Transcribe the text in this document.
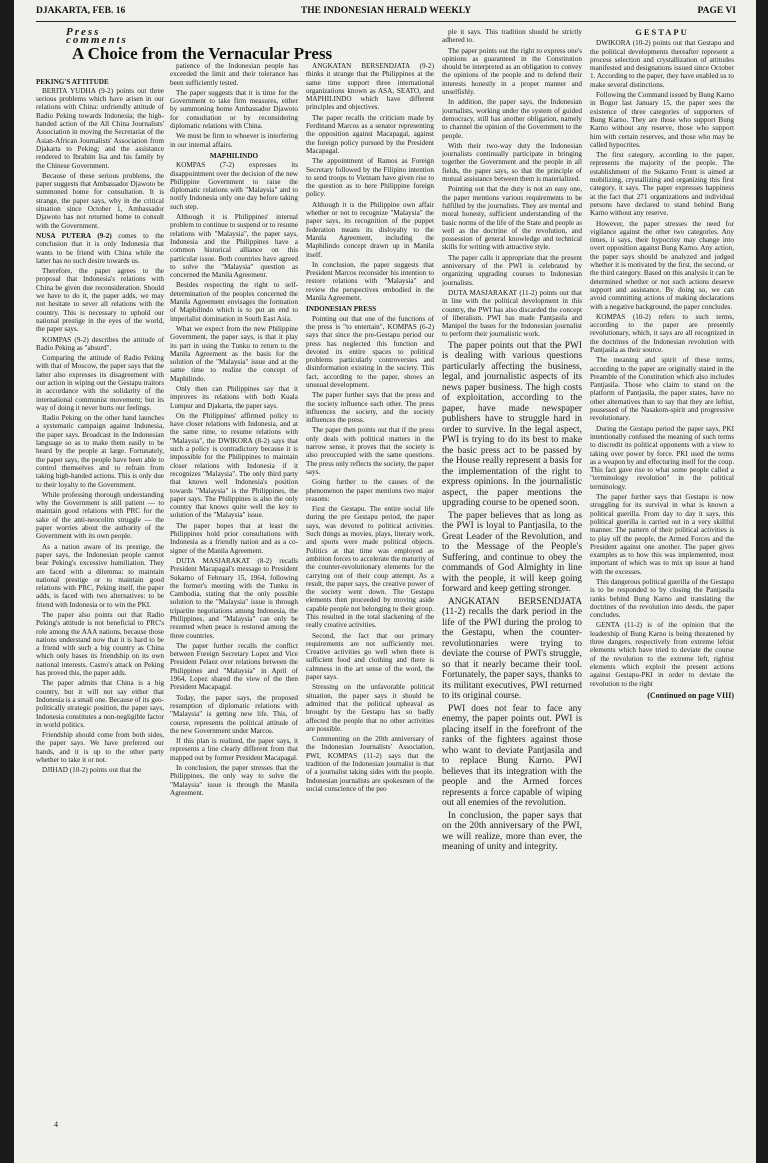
DJAKARTA, FEB. 16	THE INDONESIAN HERALD WEEKLY	PAGE VI
Press comments
PEKING'S ATTITUDE

BERITA YUDHA (9-2) points out three serious problems which have arisen in our relations with China: unfriendly attitude of Radio Peking towards Indonesia; the high-handed action of the All China Journalists' Association in moving the Secretariat of the Asian-African Journalists' Association from Djakarta to Peking; and the assistance rendered to Ibrahim Isa and his family by the Chinese Government.

Because of these serious problems, the paper suggests that Ambassador Djawoto be summoned home for consultation. It is strange, the paper says, why in the critical situation since October 1, Ambassador Djawoto has not returned home to consult with the Government.

NUSA PUTERA (9-2) comes to the conclusion that it is only Indonesia that wants to be friend with China while the latter has no such desire towards us.

Therefore, the paper agrees to the proposal that Indonesia's relations with China be given due reconsideration. Should we have to do it, the paper adds, we may not hesitate to sever all relations with the country. This is necessary to uphold our national prestige in the eyes of the world, the paper says.

KOMPAS (9-2) describes the attitude of Radio Peking as "absurd".

Comparing the attitude of Radio Peking with that of Moscow, the paper says that the latter also expresses its disagreement with our action in wiping out the Gestapu traitors in accordance with the solidarity of the international communist movement; but its way of doing it never hurts our feelings.

Radio Peking on the other hand launches a systematic campaign against Indonesia, the paper says. Broadcast in the Indonesian language so as to make them easily to be heard by the people at large. Fortunately, the paper says, the people have been able to control themselves and to refrain from taking high-handed actions. This is only due to their loyalty to the Government.

While professing thorough understanding why the Government is still patient — to maintain good relations with PRC for the sake of the anti-neocolim struggle — the paper worries about the authority of the Government with its own people.

As a nation aware of its prestige, the paper says, the Indonesian people cannot bear Peking's excessive humiliation. They are faced with a dilemma: to maintain national prestige or to maintain good relations with PRC, Peking itself, the paper adds, is faced with two alternatives: to be friend with Indonesia or to win the PKI.

The paper also points out that Radio Peking's attitude is not beneficial to PRC's role among the AAA nations, because those nations understand now that it is hard to be a friend with such a big country as China which only bases its friendship on its own national interests. Castro's attack on Peking has proved this, the paper adds.

The paper admits that China is a big country, but it will not say either that Indonesia is a small one. Because of its geo-politically strategic position, the paper says, Indonesia constitutes a non-negligible factor in world politics.

Friendship should come from both sides, the paper says. We have preferred our hands, and it is up to the other party whether to take it or not.

DJIHAD (10-2) points out that the

A Choice from the Vernacular Press

patience of the Indonesian people has exceeded the limit and their tolerance has been sufficiently tested.

The paper suggests that it is time for the Government to take firm measures, either by summoning home Ambassador Djawoto for consultation or by reconsidering diplomatic relations with China.

We must be firm to whoever is interfering in our internal affairs.

MAPHILINDO

KOMPAS (7-2) expresses its disappointment over the decision of the new Philippine Government to raise the diplomatic relations with "Malaysia" and to notify Indonesia only one day before taking such step.

Although it is Philippines' internal problem to continue to suspend or to resume relations with "Malaysia", the paper says, Indonesia and the Philippines have a common historical alliance on this particular issue. Both countries have agreed to solve the "Malaysia" question as concerned the Manila Agreement.

Besides respecting the right to self-determination of the peoples concerned the Manila Agreement envisages the formation of Maphilindo which is to put an end to imperialist domination in South East Asia.

What we expect from the new Philippine Government, the paper says, is that it play its part in using the Tunku to return to the Manila Agreement as the basis for the solution of the "Malaysia" issue and at the same time to realize the concept of Maphilindo.

Only then can Philippines say that it improves its relations with both Kuala Lumpur and Djakarta, the paper says.

On the Philippines' affirmed policy to have closer relations with Indonesia, and at the same time, to resume relations with "Malaysia", the DWIKORA (8-2) says that such a policy is contradictory because it is impossible for the Philippines to maintain closer relations with Indonesia if it recognizes "Malaysia". The only third party that knows well Indonesia's position towards "Malaysia" is the Philippines, the paper says. The Philippines is also the only country that knows quite well the key to solution of the "Malaysia" issue.

The paper hopes that at least the Philippines hold prior consultations with Indonesia as a friendly nation and as a co-signer of the Manila Agreement.

DUTA MASJARAKAT (8-2) recalls President Macapagal's message to President Sukarno of February 15, 1964, following the former's meeting with the Tunku in Cambodia, stating that the only possible solution to the "Malaysia" issue is through tripartite negotiations among Indonesia, the Philippines, and "Malaysia" can only be resumed when peace is restored among the three countries.

The paper further recalls the conflict between Foreign Secretary Lopez and Vice President Pelaez over relations between the Philippines and "Malaysia" in April of 1964, Lopez shared the view of the then President Macapagal.

Today, the paper says, the proposed resumption of diplomatic relations with "Malaysia" is getting new life. This, of course, represents the political attitude of the new Government under Marcos.

If this plan is realized, the paper says, it represents a line clearly different from that mapped out by former President Macapagal.

In conclusion, the paper stresses that the Philippines, the only way to solve the "Malaysia" issue is through the Manila Agreement.

ANGKATAN BERSENDJATA (9-2) thinks it strange that the Philippines at the same time support three international organizations known as ASA, SEATO, and MAPHILINDO which have different principles and objectives.

The paper recalls the criticism made by Ferdinand Marcos as a senator representing the opposition against Macapagal, against the foreign policy pursued by the President Macapagal.

The appointment of Ramos as Foreign Secretary followed by the Filipino intention to send troops to Vietnam have given rise to the question as to here Philippine foreign policy.

Although it is the Philippine own affair whether or not to recognize "Malaysia" the paper says, its recognition of the puppet federation means its disloyalty to the Manila Agreement, including the Maphilindo concept drawn up in Manila itself.

In conclusion, the paper suggests that President Marcos reconsider his intention to restore relations with "Malaysia" and review the perspectives embodied in the Manila Agreement.

INDONESIAN PRESS

Pointing out that one of the functions of the press is "to entertain", KOMPAS (6-2) says that since the pre-Gestapu period our press has neglected this function and devoted its entire spaces to political problems particularly controversies and disinformation existing in the society. This fact, according to the paper, shows an unusual development.

The paper further says that the press and the society influence each other. The press influences the society, and the society influences the press.

The paper then points out that if the press only deals with political matters in the narrow sense, it proves that the society is also preoccupied with the same questions. The press only reflects the society, the paper says.

Going further to the causes of the phenomenon the paper mentions two major reasons:

First the Gestapu. The entire social life during the pre Gestapu period, the paper says, was devoted to political activities. Such things as movies, plays, literary work, and sports were made political objects. Politics at that time was employed as ambition forces to accelerate the maturity of the counter-revolutionary elements for the carrying out of their coup attempt. As a result, the paper says, the creative power of the society went down. The Gestapu elements then proceeded by moving aside capable people not belonging to their group. This resulted in the total slackening of the really creative activities.

Second, the fact that our primary requirements are not sufficiently met. Creative activities go well when there is sufficient food and clothing and there is calmness in the art sense of the word, the paper says.

Stressing on the unfavorable political situation, the paper says it should be admitted that the political upheaval as brought by the Gestapu has so badly affected the people that no other activities are possible.

Commenting on the 20th anniversary of the Indonesian Journalists' Association, PWI, KOMPAS (11-2) says that the tradition of the Indonesian journalist is that of a journalist taking sides with the people. Indonesian journalists are spokesmen of the social conscience of the peo

ple it says. This tradition should be strictly adhered to.

The paper points out the right to express one's opinions as guaranteed in the Constitution should be interpreted as an obligation to convey the opinions of the people and to defend their interests honestly in a proper manner and unselfishly.

In addition, the paper says, the Indonesian journalists, working under the system of guided democracy, still has another obligation, namely to channel the opinion of the Government to the people.

With their two-way duty the Indonesian journalists continually participate in bringing together the Government and the people in all fields, the paper says, so that the principle of mutual assistance between them is materialized.

Pointing out that the duty is not an easy one, the paper mentions various requirements to be fulfilled by the journalists. They are mental and moral honesty, sufficient understanding of the basic norms of the life of the State and people as well as the doctrine of the revolution, and possession of general knowledge and technical skills for writing with attractive style.

The paper calls it appropriate that the present anniversary of the PWI is celebrated by organizing upgrading courses to Indonesian journalists.

DUTA MASJARAKAT (11-2) points out that in line with the political development in this country, the PWI has also discarded the concept of liberalism. PWI has made Pantjasila and Manipol the bases for the Indonesian journalist to perform their journalistic work.

The paper points out that the PWI is dealing with various questions particularly affecting the business, legal, and journalistic aspects of its news paper business. The high costs of exploitation, according to the paper, have made newspaper publishers have to struggle hard in order to survive. In the legal aspect, PWI is trying to do its best to make the basic press act to be passed by the House really represent a basis for the implementation of the right to express opinions. In the journalistic aspect, the paper mentions the upgrading course to be opened soon.

The paper believes that as long as the PWI is loyal to Pantjasila, to the Great Leader of the Revolution, and to the Message of the People's Suffering, and continue to obey the commands of God Almighty in line with the people, it will keep going forward and keep getting stronger.

ANGKATAN BERSENDJATA (11-2) recalls the dark period in the life of the PWI during the prolog to the Gestapu, when the counter-revolutionaries were trying to deviate the course of PWI's struggle, so that it nearly became their tool. Fortunately, the paper says, thanks to its militant executives, PWI returned to its original course.

PWI does not fear to face any enemy, the paper points out. PWI is placing itself in the forefront of the ranks of the fighters against those who want to deviate Pantjasila and to replace Bung Karno. PWI believes that its integration with the people and the Armed forces represents a force capable of wiping out all enemies of the revolution.

In conclusion, the paper says that on the 20th anniversary of the PWI, we will realize, more than ever, the meaning of unity and integrity.

GESTAPU

DWIKORA (10-2) points out that Gestapu and the political developments thereafter represent a process selection and crystallization of attitudes manifested and designations issued since October 1. According to the paper, they have enabled us to make several distinctions.

Following the Command issued by Bung Karno in Bogor last January 15, the paper sees the existence of three categories of supporters of Bung Karno. They are those who support Bung Karno without any reserve, those who support him with certain reserves, and those who may be called hypocrites.

The first category, according to the paper, represents the majority of the people. The establishment of the Sukarno Front is aimed at mobilizing, crystallizing and organizing this first category, it says. The paper expresses happiness at the fact that 271 organizations and individual persons have declared to stand behind Bung Karno without any reserve.

However, the paper stresses the need for vigilance against the other two categories. Any times, it says, their hypocrisy may change into overt opposition against Bung Karno. Any action, the paper says should be analyzed and judged whether it is motivated by the first, the second, or the third category. Based on this analysis it can be determined whether or not such actions deserve support and assistance. By doing so, we can avoid committing actions of making declarations with a negative background, the paper concludes.

KOMPAS (10-2) refers to such terms, according to the paper are presently revolutionary, which, it says are all recognized in the doctrines of the Indonesian revolution with Pantjasila as their source.

The meaning and spirit of these terms, according to the paper are originally stated in the Preamble of the Constitution which also includes Pantjasila. Those who claim to stand on the platform of Pantjasila, the paper states, have no other alternatives than to say that they are leftist, possessed of the Nasakom-spirit and progressive revolutionary.

During the Gestapu period the paper says, PKI intentionally confused the meaning of such terms to discredit its political opponents with a view to taking over power by force. PKI used the terms as a weapon by and effecturing itself for the coup. This fact gave rise to what some people called a "terminology revolution" in the political terminology.

The paper further says that Gestapu is now struggling for its survival in what is known a political guerilla. From day to day it says, this political guerilla is carried out in a very skillful manner. The pattern of their political activities is to play off the people, the Armed Forces and the President against one another. The paper gives examples as to how this was implemented, most important of which was to mix up issue at hand with the excesses.

This dangerous political guerilla of the Gestapu is to be responded to by closing the Pantjasila ranks behind Bung Karno and translating the doctrines of the revolution into deeds, the paper concludes.

GENTA (11-2) is of the opinion that the leadership of Bung Karno is being threatened by three dangers, respectively from extreme leftist elements which have tried to deviate the course of the revolution to the extreme left, rightist elements which exploit the present actions against Gestapu-PKI in order to deviate the revolution to the right

(Continued on page VIII)
4
